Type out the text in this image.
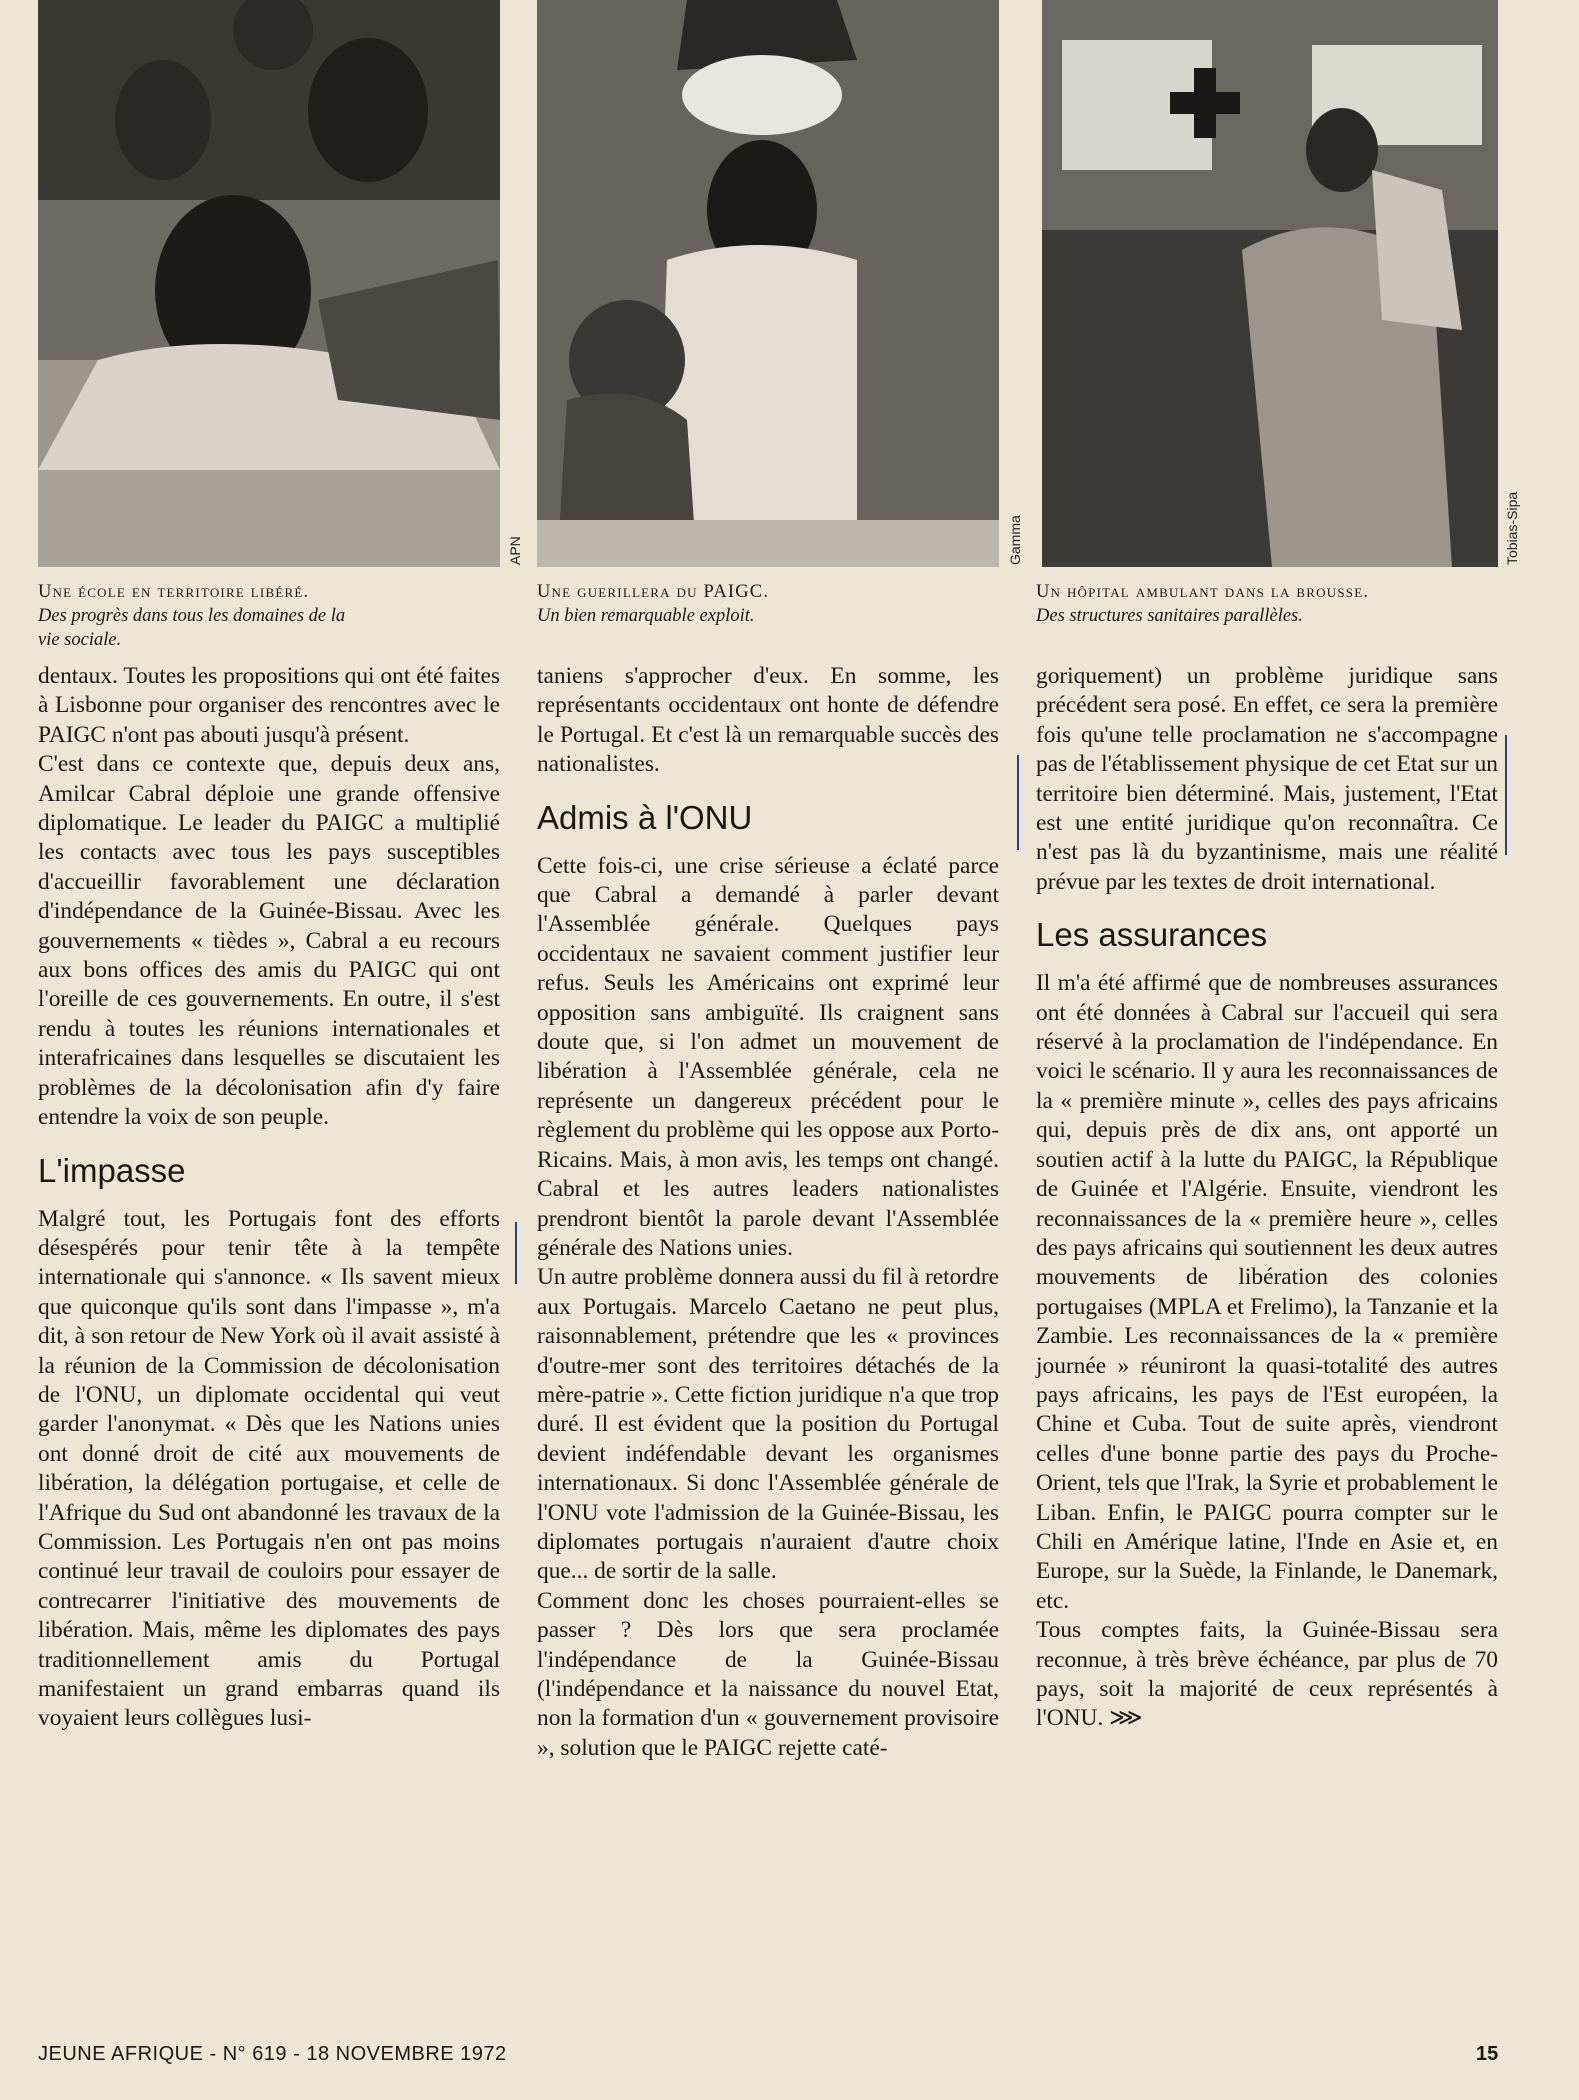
APN	Gamma	Tobias-Sipa
Une école en territoire libéré.
Des progrès dans tous les domaines de la vie sociale.
Une guerillera du PAIGC.
Un bien remarquable exploit.
Un hôpital ambulant dans la brousse.
Des structures sanitaires parallèles.

dentaux. Toutes les propositions qui ont été faites à Lisbonne pour organiser des rencontres avec le PAIGC n'ont pas abouti jusqu'à présent.

C'est dans ce contexte que, depuis deux ans, Amilcar Cabral déploie une grande offensive diplomatique. Le leader du PAIGC a multiplié les contacts avec tous les pays susceptibles d'accueillir favorablement une déclaration d'indépendance de la Guinée-Bissau. Avec les gouvernements « tièdes », Cabral a eu recours aux bons offices des amis du PAIGC qui ont l'oreille de ces gouvernements. En outre, il s'est rendu à toutes les réunions internationales et interafricaines dans lesquelles se discutaient les problèmes de la décolonisation afin d'y faire entendre la voix de son peuple.

L'impasse

Malgré tout, les Portugais font des efforts désespérés pour tenir tête à la tempête internationale qui s'annonce. « Ils savent mieux que quiconque qu'ils sont dans l'impasse », m'a dit, à son retour de New York où il avait assisté à la réunion de la Commission de décolonisation de l'ONU, un diplomate occidental qui veut garder l'anonymat. « Dès que les Nations unies ont donné droit de cité aux mouvements de libération, la délégation portugaise, et celle de l'Afrique du Sud ont abandonné les travaux de la Commission. Les Portugais n'en ont pas moins continué leur travail de couloirs pour essayer de contrecarrer l'initiative des mouvements de libération. Mais, même les diplomates des pays traditionnellement amis du Portugal manifestaient un grand embarras quand ils voyaient leurs collègues lusi-

taniens s'approcher d'eux. En somme, les représentants occidentaux ont honte de défendre le Portugal. Et c'est là un remarquable succès des nationalistes.

Admis à l'ONU

Cette fois-ci, une crise sérieuse a éclaté parce que Cabral a demandé à parler devant l'Assemblée générale. Quelques pays occidentaux ne savaient comment justifier leur refus. Seuls les Américains ont exprimé leur opposition sans ambiguïté. Ils craignent sans doute que, si l'on admet un mouvement de libération à l'Assemblée générale, cela ne représente un dangereux précédent pour le règlement du problème qui les oppose aux Porto-Ricains. Mais, à mon avis, les temps ont changé. Cabral et les autres leaders nationalistes prendront bientôt la parole devant l'Assemblée générale des Nations unies.

Un autre problème donnera aussi du fil à retordre aux Portugais. Marcelo Caetano ne peut plus, raisonnablement, prétendre que les « provinces d'outre-mer sont des territoires détachés de la mère-patrie ». Cette fiction juridique n'a que trop duré. Il est évident que la position du Portugal devient indéfendable devant les organismes internationaux. Si donc l'Assemblée générale de l'ONU vote l'admission de la Guinée-Bissau, les diplomates portugais n'auraient d'autre choix que... de sortir de la salle.

Comment donc les choses pourraient-elles se passer ? Dès lors que sera proclamée l'indépendance de la Guinée-Bissau (l'indépendance et la naissance du nouvel Etat, non la formation d'un « gouvernement provisoire », solution que le PAIGC rejette caté-

goriquement) un problème juridique sans précédent sera posé. En effet, ce sera la première fois qu'une telle proclamation ne s'accompagne pas de l'établissement physique de cet Etat sur un territoire bien déterminé. Mais, justement, l'Etat est une entité juridique qu'on reconnaîtra. Ce n'est pas là du byzantinisme, mais une réalité prévue par les textes de droit international.

Les assurances

Il m'a été affirmé que de nombreuses assurances ont été données à Cabral sur l'accueil qui sera réservé à la proclamation de l'indépendance. En voici le scénario. Il y aura les reconnaissances de la « première minute », celles des pays africains qui, depuis près de dix ans, ont apporté un soutien actif à la lutte du PAIGC, la République de Guinée et l'Algérie. Ensuite, viendront les reconnaissances de la « première heure », celles des pays africains qui soutiennent les deux autres mouvements de libération des colonies portugaises (MPLA et Frelimo), la Tanzanie et la Zambie. Les reconnaissances de la « première journée » réuniront la quasi-totalité des autres pays africains, les pays de l'Est européen, la Chine et Cuba. Tout de suite après, viendront celles d'une bonne partie des pays du Proche-Orient, tels que l'Irak, la Syrie et probablement le Liban. Enfin, le PAIGC pourra compter sur le Chili en Amérique latine, l'Inde en Asie et, en Europe, sur la Suède, la Finlande, le Danemark, etc.

Tous comptes faits, la Guinée-Bissau sera reconnue, à très brève échéance, par plus de 70 pays, soit la majorité de ceux représentés à l'ONU. ⋙

JEUNE AFRIQUE - N° 619 - 18 NOVEMBRE 1972	15
